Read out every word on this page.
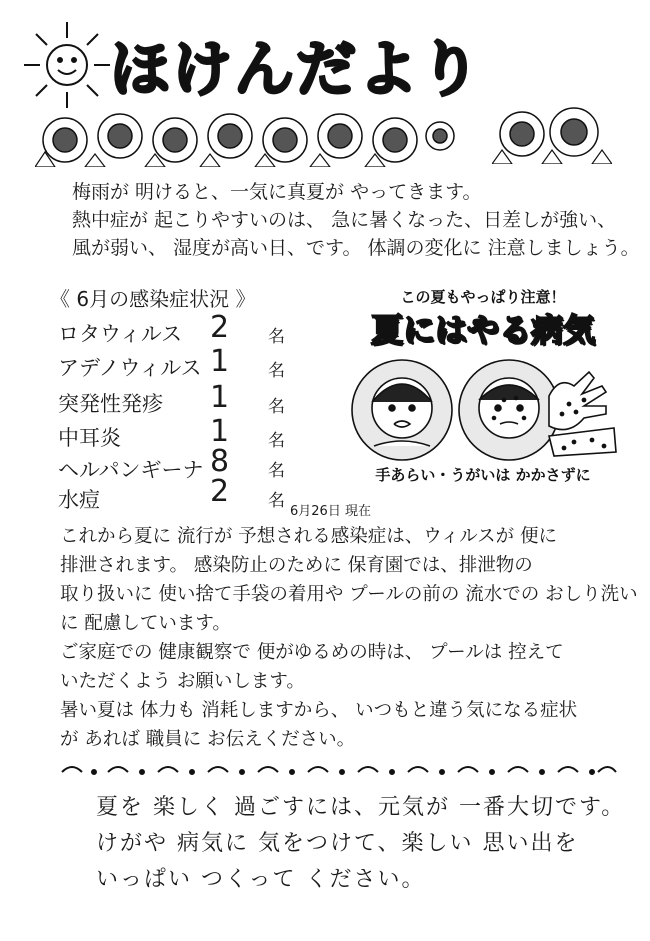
ほけんだより
梅雨が 明けると、一気に真夏が やってきます。
熱中症が 起こりやすいのは、 急に暑くなった、日差しが強い、
風が弱い、 湿度が高い日、です。 体調の変化に 注意しましょう。
《 6月の感染症状況 》
ロタウィルス 2 名
アデノウィルス 1 名
突発性発疹 1 名
中耳炎	1 名
ヘルパンギーナ 8 名
水痘	2 名
6月26日 現在
この夏もやっぱり注意！
夏にはやる病気
手あらい・うがいは かかさずに
これから夏に 流行が 予想される感染症は、ウィルスが 便に
排泄されます。 感染防止のために 保育園では、排泄物の
取り扱いに 使い捨て手袋の着用や プールの前の 流水での おしり洗い
に 配慮しています。
ご家庭での 健康観察で 便がゆるめの時は、 プールは 控えて
いただくよう お願いします。
暑い夏は 体力も 消耗しますから、 いつもと違う気になる症状
が あれば 職員に お伝えください。
夏を 楽しく 過ごすには、元気が 一番大切です。
けがや 病気に 気をつけて、楽しい 思い出を
いっぱい つくって ください。
